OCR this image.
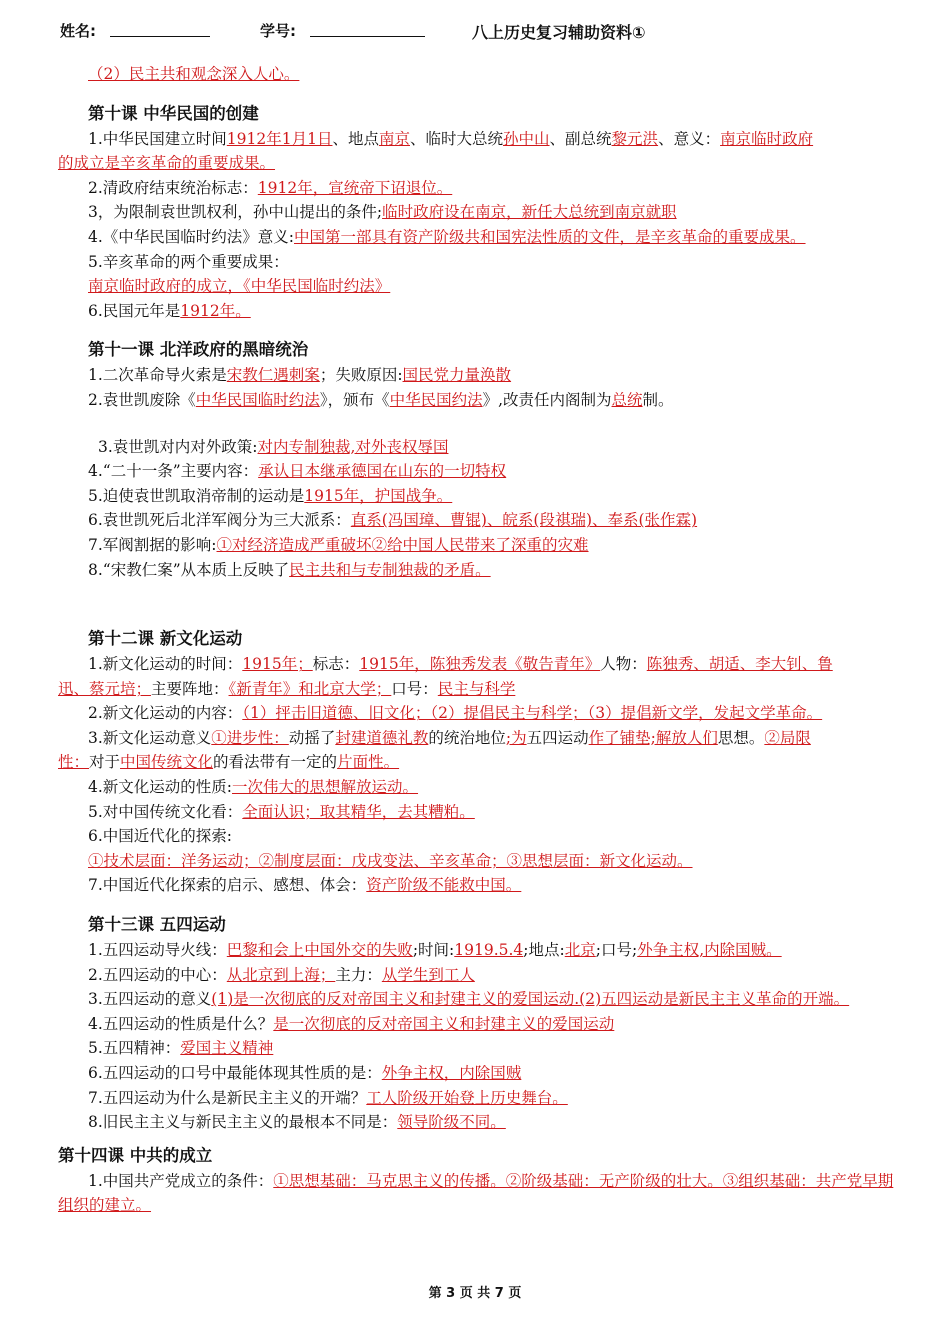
姓名:	学号:	八上历史复习辅助资料①

（2）民主共和观念深入人心。

第十课 中华民国的创建

1.中华民国建立时间1912年1月1日、地点南京、临时大总统孙中山、副总统黎元洪、意义：南京临时政府

的成立是辛亥革命的重要成果。

2.清政府结束统治标志：1912年，宣统帝下诏退位。

3，为限制袁世凯权利，孙中山提出的条件;临时政府设在南京，新任大总统到南京就职

4.《中华民国临时约法》意义:中国第一部具有资产阶级共和国宪法性质的文件，是辛亥革命的重要成果。

5.辛亥革命的两个重要成果：

南京临时政府的成立，《中华民国临时约法》

6.民国元年是1912年。

第十一课 北洋政府的黑暗统治

1.二次革命导火索是宋教仁遇刺案；失败原因:国民党力量涣散

2.袁世凯废除《中华民国临时约法》，颁布《中华民国约法》,改责任内阁制为总统制。

3.袁世凯对内对外政策:对内专制独裁,对外丧权辱国

4.“二十一条”主要内容：承认日本继承德国在山东的一切特权

5.迫使袁世凯取消帝制的运动是1915年，护国战争。

6.袁世凯死后北洋军阀分为三大派系：直系(冯国璋、曹锟)、皖系(段祺瑞)、奉系(张作霖)

7.军阀割据的影响:①对经济造成严重破坏②给中国人民带来了深重的灾难

8.“宋教仁案”从本质上反映了民主共和与专制独裁的矛盾。

第十二课 新文化运动

1.新文化运动的时间：1915年；标志：1915年，陈独秀发表《敬告青年》人物：陈独秀、胡适、李大钊、鲁

迅、蔡元培；主要阵地：《新青年》和北京大学；口号：民主与科学

2.新文化运动的内容：（1）抨击旧道德、旧文化；（2）提倡民主与科学；（3）提倡新文学，发起文学革命。

3.新文化运动意义①进步性：动摇了封建道德礼教的统治地位;为五四运动作了铺垫;解放人们思想。②局限

性：对于中国传统文化的看法带有一定的片面性。

4.新文化运动的性质:一次伟大的思想解放运动。

5.对中国传统文化看：全面认识；取其精华，去其糟粕。

6.中国近代化的探索:

①技术层面：洋务运动；②制度层面：戊戌变法、辛亥革命；③思想层面：新文化运动。

7.中国近代化探索的启示、感想、体会：资产阶级不能救中国。

第十三课 五四运动

1.五四运动导火线：巴黎和会上中国外交的失败;时间:1919.5.4;地点:北京;口号;外争主权,内除国贼。

2.五四运动的中心：从北京到上海；主力：从学生到工人

3.五四运动的意义(1)是一次彻底的反对帝国主义和封建主义的爱国运动.(2)五四运动是新民主主义革命的开端。

4.五四运动的性质是什么？是一次彻底的反对帝国主义和封建主义的爱国运动

5.五四精神：爱国主义精神

6.五四运动的口号中最能体现其性质的是：外争主权，内除国贼

7.五四运动为什么是新民主主义的开端？工人阶级开始登上历史舞台。

8.旧民主主义与新民主主义的最根本不同是：领导阶级不同。

第十四课 中共的成立

1.中国共产党成立的条件：①思想基础：马克思主义的传播。②阶级基础：无产阶级的壮大。③组织基础：共产党早期组织的建立。

第 3 页 共 7 页
